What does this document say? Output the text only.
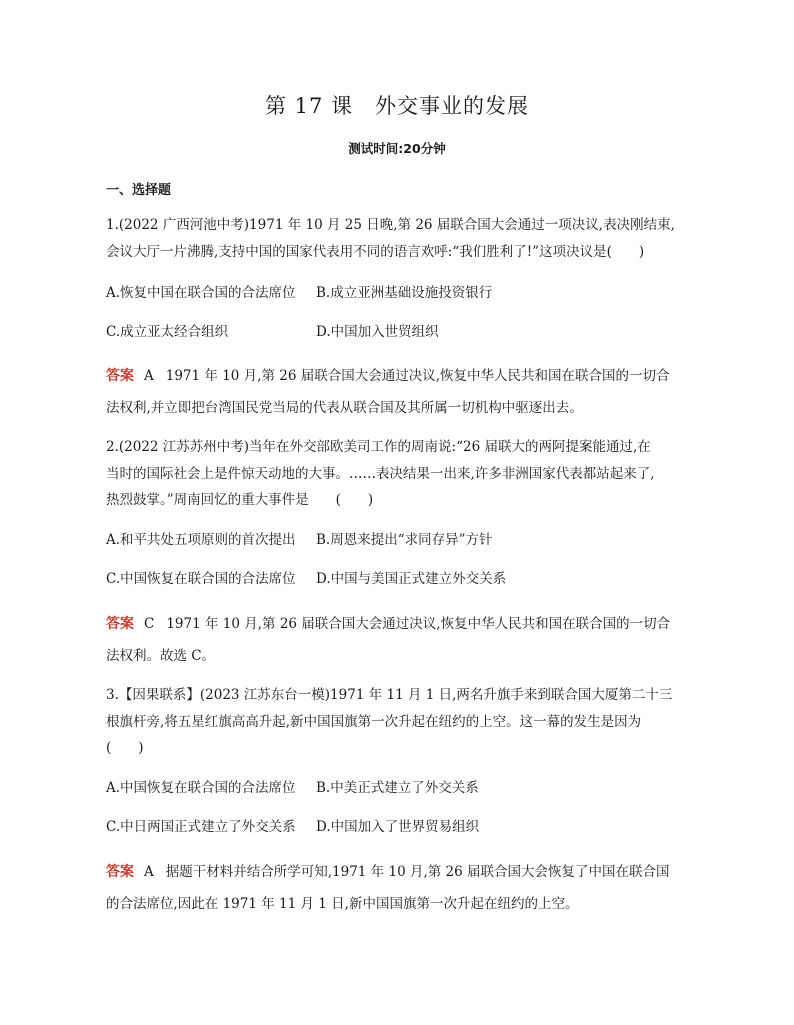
第 17 课　外交事业的发展
测试时间:20分钟
一、选择题
1.(2022 广西河池中考)1971 年 10 月 25 日晚,第 26 届联合国大会通过一项决议,表决刚结束,
会议大厅一片沸腾,支持中国的国家代表用不同的语言欢呼:“我们胜利了!”这项决议是(　　)
A.恢复中国在联合国的合法席位 B.成立亚洲基础设施投资银行
C.成立亚太经合组织	D.中国加入世贸组织
答案 A 1971 年 10 月,第 26 届联合国大会通过决议,恢复中华人民共和国在联合国的一切合
法权利,并立即把台湾国民党当局的代表从联合国及其所属一切机构中驱逐出去。
2.(2022 江苏苏州中考)当年在外交部欧美司工作的周南说:“26 届联大的两阿提案能通过,在
当时的国际社会上是件惊天动地的大事。……表决结果一出来,许多非洲国家代表都站起来了,
热烈鼓掌。”周南回忆的重大事件是　　(　　)
A.和平共处五项原则的首次提出 B.周恩来提出“求同存异”方针
C.中国恢复在联合国的合法席位 D.中国与美国正式建立外交关系
答案 C 1971 年 10 月,第 26 届联合国大会通过决议,恢复中华人民共和国在联合国的一切合
法权利。故选 C。
3.【因果联系】(2023 江苏东台一模)1971 年 11 月 1 日,两名升旗手来到联合国大厦第二十三
根旗杆旁,将五星红旗高高升起,新中国国旗第一次升起在纽约的上空。这一幕的发生是因为
(　　)
A.中国恢复在联合国的合法席位 B.中美正式建立了外交关系
C.中日两国正式建立了外交关系 D.中国加入了世界贸易组织
答案 A 据题干材料并结合所学可知,1971 年 10 月,第 26 届联合国大会恢复了中国在联合国
的合法席位,因此在 1971 年 11 月 1 日,新中国国旗第一次升起在纽约的上空。
